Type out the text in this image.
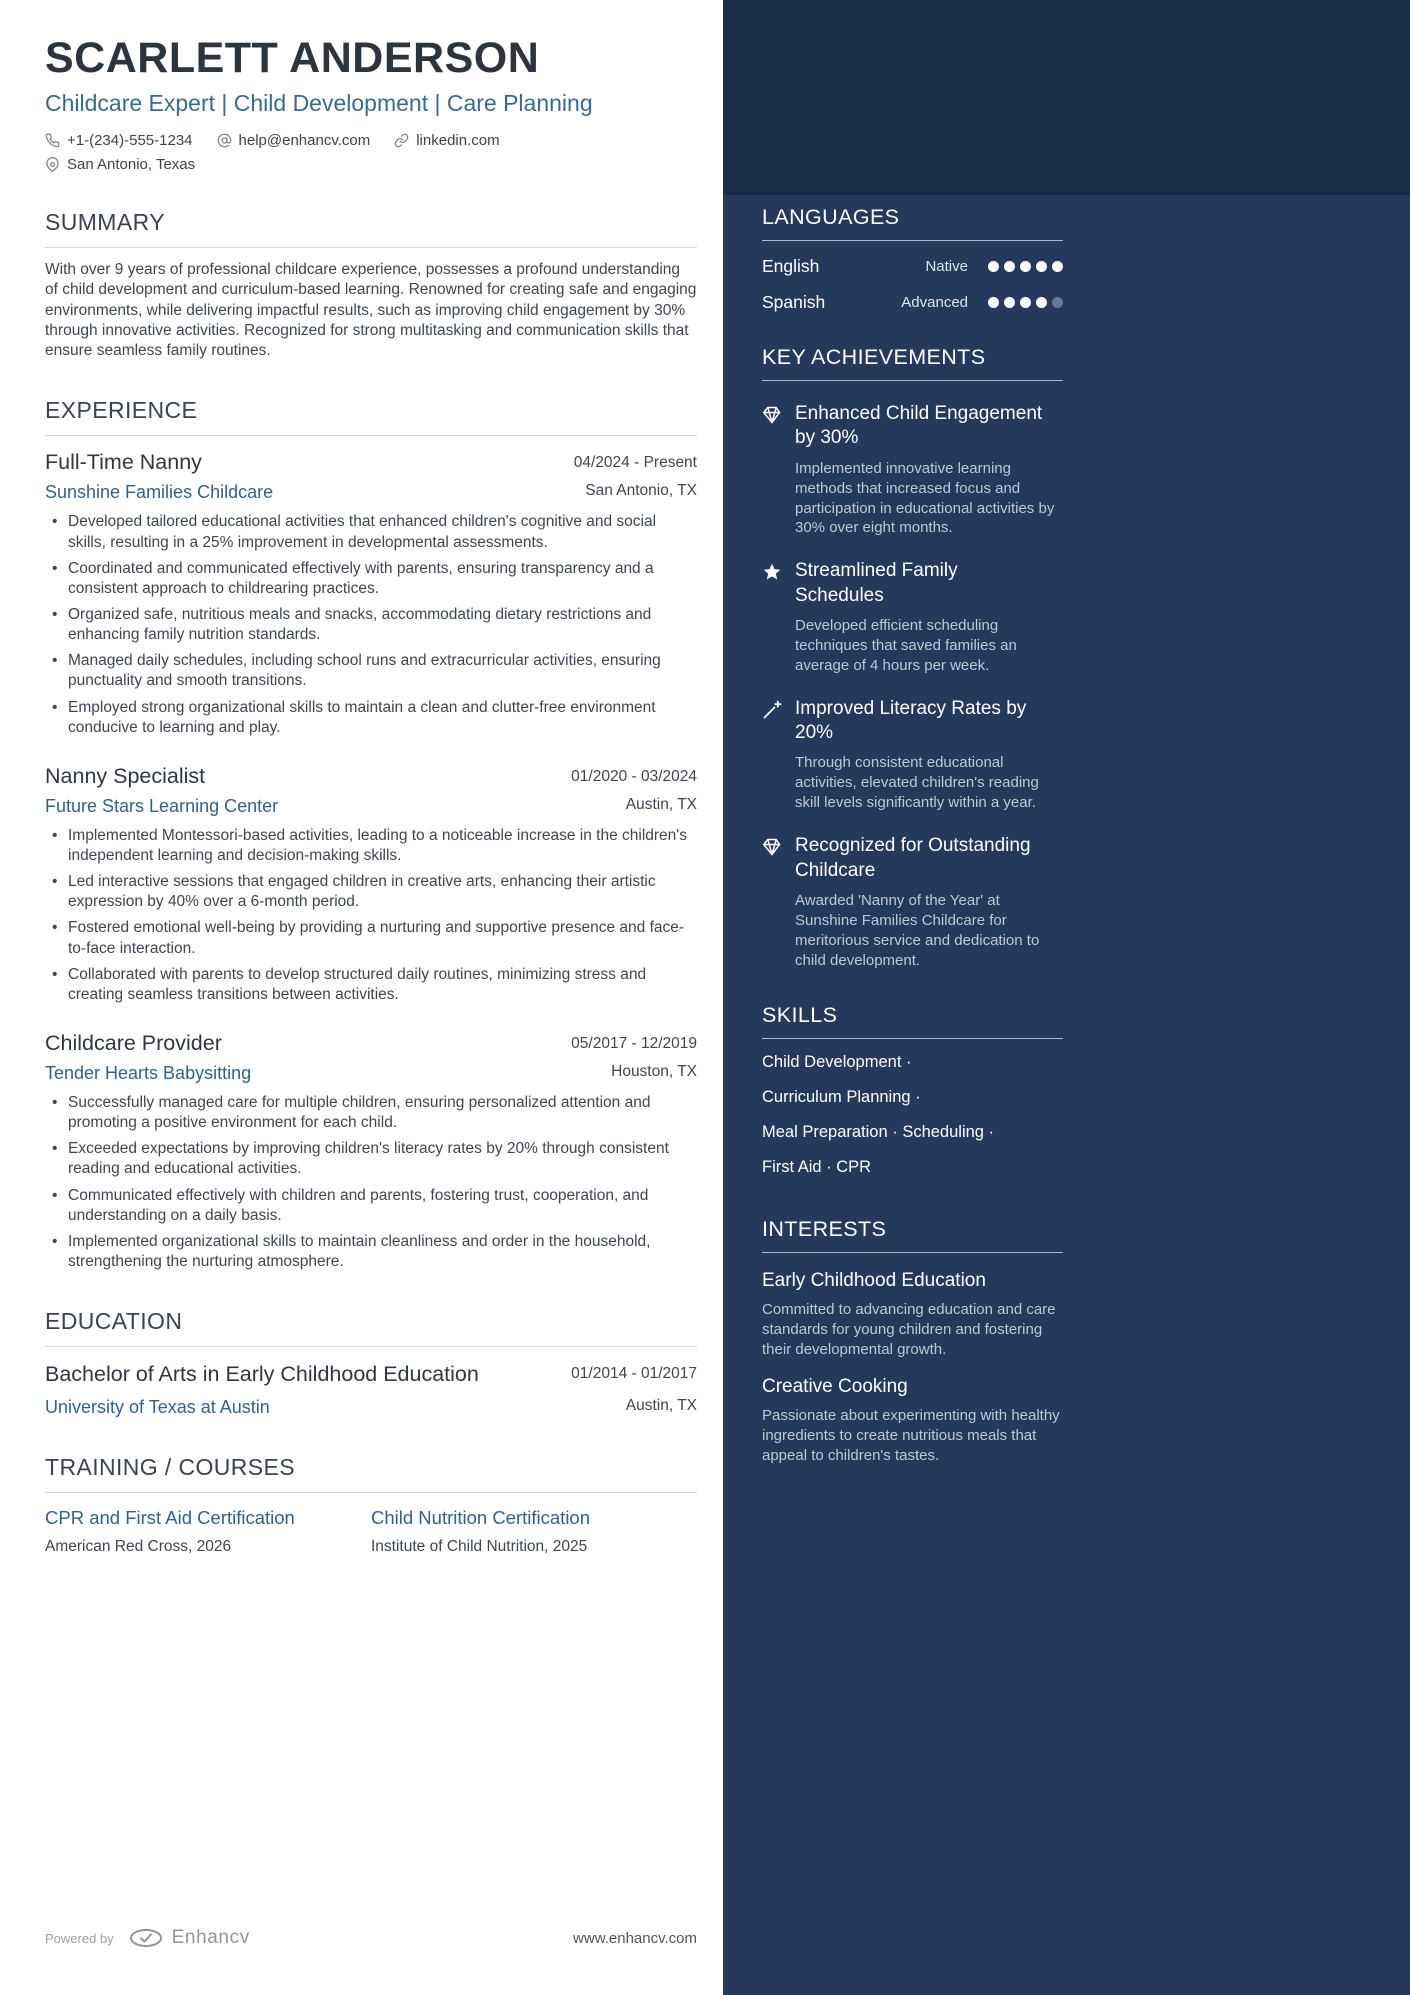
SCARLETT ANDERSON
Childcare Expert | Child Development | Care Planning
+1-(234)-555-1234	help@enhancv.com	linkedin.com
San Antonio, Texas
SUMMARY

With over 9 years of professional childcare experience, possesses a profound understanding of child development and curriculum-based learning. Renowned for creating safe and engaging environments, while delivering impactful results, such as improving child engagement by 30% through innovative activities. Recognized for strong multitasking and communication skills that ensure seamless family routines.

EXPERIENCE
Full-Time Nanny	04/2024 - Present
Sunshine Families Childcare	San Antonio, TX
• Developed tailored educational activities that enhanced children's cognitive and social skills, resulting in a 25% improvement in developmental assessments.
• Coordinated and communicated effectively with parents, ensuring transparency and a consistent approach to childrearing practices.
• Organized safe, nutritious meals and snacks, accommodating dietary restrictions and enhancing family nutrition standards.
• Managed daily schedules, including school runs and extracurricular activities, ensuring punctuality and smooth transitions.
• Employed strong organizational skills to maintain a clean and clutter-free environment conducive to learning and play.
Nanny Specialist	01/2020 - 03/2024
Future Stars Learning Center	Austin, TX
• Implemented Montessori-based activities, leading to a noticeable increase in the children's independent learning and decision-making skills.
• Led interactive sessions that engaged children in creative arts, enhancing their artistic expression by 40% over a 6-month period.
• Fostered emotional well-being by providing a nurturing and supportive presence and face-to-face interaction.
• Collaborated with parents to develop structured daily routines, minimizing stress and creating seamless transitions between activities.
Childcare Provider	05/2017 - 12/2019
Tender Hearts Babysitting	Houston, TX
• Successfully managed care for multiple children, ensuring personalized attention and promoting a positive environment for each child.
• Exceeded expectations by improving children's literacy rates by 20% through consistent reading and educational activities.
• Communicated effectively with children and parents, fostering trust, cooperation, and understanding on a daily basis.
• Implemented organizational skills to maintain cleanliness and order in the household, strengthening the nurturing atmosphere.
EDUCATION
Bachelor of Arts in Early Childhood Education	01/2014 - 01/2017
University of Texas at Austin	Austin, TX
TRAINING / COURSES
CPR and First Aid Certification
American Red Cross, 2026
Child Nutrition Certification
Institute of Child Nutrition, 2025
Powered by	Enhancv	www.enhancv.com
LANGUAGES
English	Native
Spanish	Advanced
KEY ACHIEVEMENTS
Enhanced Child Engagement by 30%
Implemented innovative learning methods that increased focus and participation in educational activities by 30% over eight months.
Streamlined Family Schedules
Developed efficient scheduling techniques that saved families an average of 4 hours per week.
Improved Literacy Rates by 20%
Through consistent educational activities, elevated children's reading skill levels significantly within a year.
Recognized for Outstanding Childcare
Awarded 'Nanny of the Year' at Sunshine Families Childcare for meritorious service and dedication to child development.
SKILLS
Child Development ·
Curriculum Planning ·
Meal Preparation · Scheduling ·
First Aid · CPR
INTERESTS
Early Childhood Education
Committed to advancing education and care standards for young children and fostering their developmental growth.
Creative Cooking
Passionate about experimenting with healthy ingredients to create nutritious meals that appeal to children's tastes.
